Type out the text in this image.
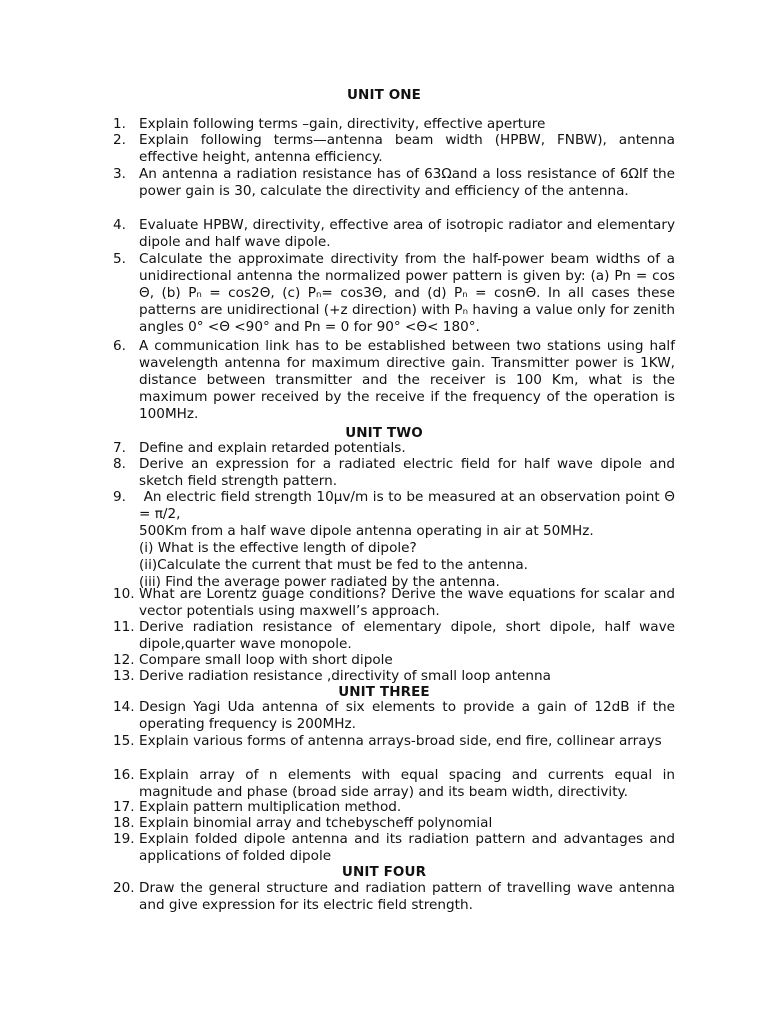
UNIT ONE
1. Explain following terms –gain, directivity, effective aperture
2. Explain following terms—antenna beam width (HPBW, FNBW), antenna effective height, antenna efficiency.
3. An antenna a radiation resistance has of 63Ωand a loss resistance of 6ΩIf the power gain is 30, calculate the directivity and efficiency of the antenna.
4. Evaluate HPBW, directivity, effective area of isotropic radiator and elementary dipole and half wave dipole.
5. Calculate the approximate directivity from the half-power beam widths of a unidirectional antenna the normalized power pattern is given by: (a) Pn = cos Θ, (b) Pₙ = cos2Θ, (c) Pₙ= cos3Θ, and (d) Pₙ = cosnΘ. In all cases these patterns are unidirectional (+z direction) with Pₙ having a value only for zenith angles 0° <Θ <90° and Pn = 0 for 90° <Θ< 180°.
6. A communication link has to be established between two stations using half wavelength antenna for maximum directive gain. Transmitter power is 1KW, distance between transmitter and the receiver is 100 Km, what is the maximum power received by the receive if the frequency of the operation is 100MHz.
UNIT TWO
7. Define and explain retarded potentials.
8. Derive an expression for a radiated electric field for half wave dipole and sketch field strength pattern.
9. An electric field strength 10µv/m is to be measured at an observation point Θ = π/2,
500Km from a half wave dipole antenna operating in air at 50MHz.
(i) What is the effective length of dipole?
(ii)Calculate the current that must be fed to the antenna.
(iii) Find the average power radiated by the antenna.
10. What are Lorentz guage conditions? Derive the wave equations for scalar and vector potentials using maxwell’s approach.
11. Derive radiation resistance of elementary dipole, short dipole, half wave dipole,quarter wave monopole.
12. Compare small loop with short dipole
13. Derive radiation resistance ,directivity of small loop antenna
UNIT THREE
14. Design Yagi Uda antenna of six elements to provide a gain of 12dB if the operating frequency is 200MHz.
15. Explain various forms of antenna arrays-broad side, end fire, collinear arrays
16. Explain array of n elements with equal spacing and currents equal in magnitude and phase (broad side array) and its beam width, directivity.
17. Explain pattern multiplication method.
18. Explain binomial array and tchebyscheff polynomial
19. Explain folded dipole antenna and its radiation pattern and advantages and applications of folded dipole
UNIT FOUR
20. Draw the general structure and radiation pattern of travelling wave antenna and give expression for its electric field strength.
